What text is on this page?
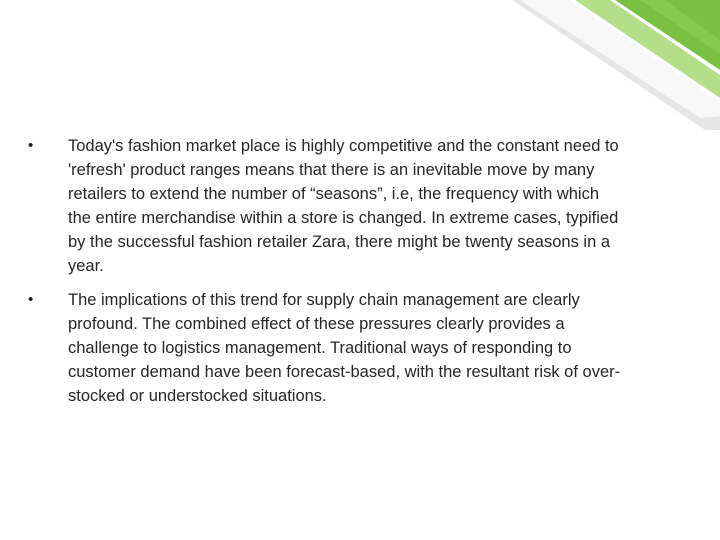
•	Today's fashion market place is highly competitive and the constant need to
'refresh' product ranges means that there is an inevitable move by many
retailers to extend the number of “seasons”, i.e, the frequency with which
the entire merchandise within a store is changed. In extreme cases, typified
by the successful fashion retailer Zara, there might be twenty seasons in a
year.
•	The implications of this trend for supply chain management are clearly
profound. The combined effect of these pressures clearly provides a
challenge to logistics management. Traditional ways of responding to
customer demand have been forecast-based, with the resultant risk of over-
stocked or understocked situations.
